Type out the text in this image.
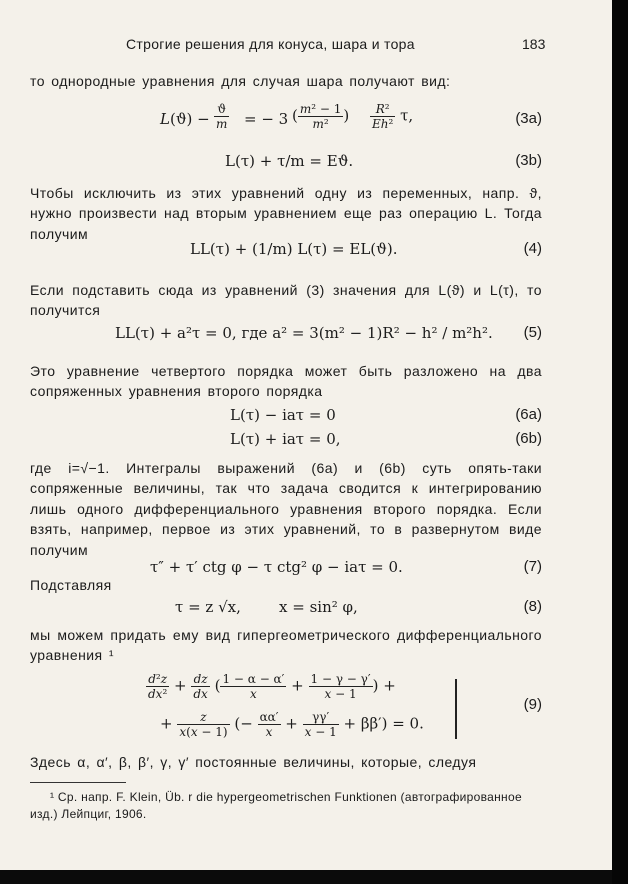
Строгие решения для конуса, шара и тора	183
то однородные уравнения для случая шара получают вид:
$L(ϑ) - \frac{ϑ}{m}$ = − 3 ( $\frac{\text{m² − 1}}{\text{m²}}$ ) $\frac{\text{R²}}{\text{Eh²}} \tau$,	(3а)
L(τ) + τ/m = Eϑ.	(3b)
Чтобы исключить из этих уравнений одну из переменных, напр. ϑ, нужно произвести над вторым уравнением еще раз операцию L. Тогда получим
LL(τ) + (1/m) L(τ) = EL(ϑ).	(4)
Если подставить сюда из уравнений (3) значения для L(ϑ) и L(τ), то получится
LL(τ) + a²τ = 0, где a² = 3(m² − 1)R² − h² / m²h². (5)
Это уравнение четвертого порядка может быть разложено на два сопряженных уравнения второго порядка
L(τ) − iaτ = 0	(6а)
L(τ) + iaτ = 0,	(6b)
где i=√−1. Интегралы выражений (6а) и (6b) суть опять-таки сопряженные величины, так что задача сводится к интегрированию лишь одного дифференциального уравнения второго порядка. Если взять, например, первое из этих уравнений, то в развернутом виде получим
τ″ + τ′ ctg φ − τ ctg² φ − iaτ = 0.	(7)
Подставляя
τ = z √x,        x = sin² φ,	(8)
мы можем придать ему вид гипергеометрического дифференциального уравнения ¹
$\frac{\text{d²z}}{\text{dx²}} + \frac{dz}{dx}$ ( $\frac{1 - \alpha - \alpha'}{x} + \frac{1 - \gamma - \gamma'}{x - 1}$ ) +
+ $\frac{z}{x(x - 1)}$ (− $\frac{\alpha\alpha'}{x} + \frac{\gamma\gamma'}{x - 1} + \beta\beta') = 0$.
(9)
Здесь α, α′, β, β′, γ, γ′ постоянные величины, которые, следуя
¹ Ср. напр. F. Klein, Üb. r die hypergeometrischen Funktionen (автографированное изд.) Лейпциг, 1906.
